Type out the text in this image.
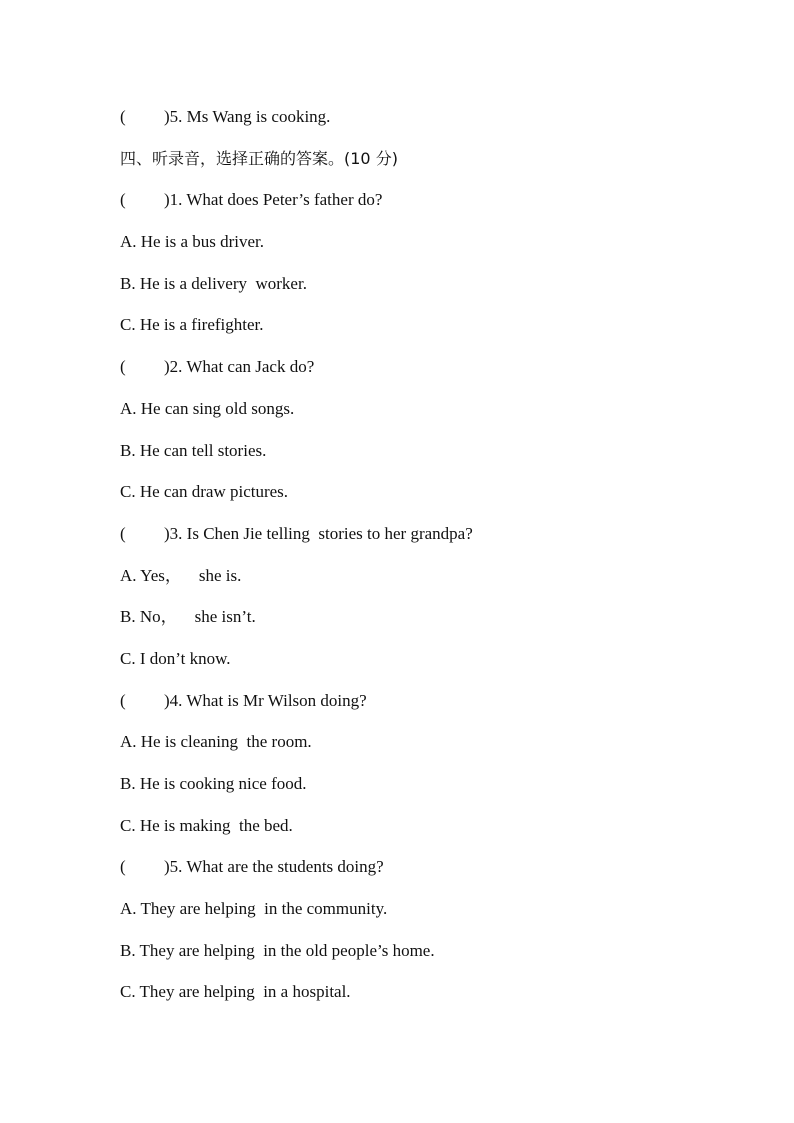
( )5. Ms Wang is cooking.
四、听录音，选择正确的答案。(10 分)
( )1. What does Peter’s father do?
A. He is a bus driver.
B. He is a delivery  worker.
C. He is a firefighter.
( )2. What can Jack do?
A. He can sing old songs.
B. He can tell stories.
C. He can draw pictures.
( )3. Is Chen Jie telling  stories to her grandpa?
A. Yes，    she is.
B. No，    she isn’t.
C. I don’t know.
( )4. What is Mr Wilson doing?
A. He is cleaning  the room.
B. He is cooking nice food.
C. He is making  the bed.
( )5. What are the students doing?
A. They are helping  in the community.
B. They are helping  in the old people’s home.
C. They are helping  in a hospital.
